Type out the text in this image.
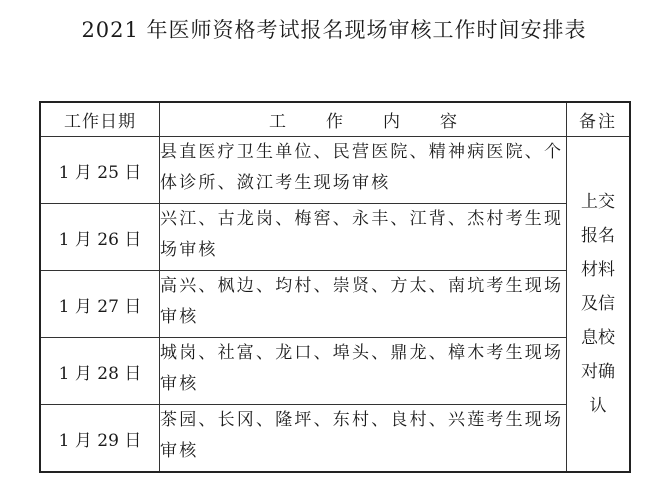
2021 年医师资格考试报名现场审核工作时间安排表
工作日期	工作内容	备注
1 月 25 日	县直医疗卫生单位、民营医院、精神病医院、个体诊所、潋江考生现场审核	上交报名材料及信息校对确认

1 月 26 日	兴江、古龙岗、梅窖、永丰、江背、杰村考生现场审核	
1 月 27 日	高兴、枫边、均村、崇贤、方太、南坑考生现场审核	
1 月 28 日	城岗、社富、龙口、埠头、鼎龙、樟木考生现场审核	
1 月 29 日	茶园、长冈、隆坪、东村、良村、兴莲考生现场审核	
